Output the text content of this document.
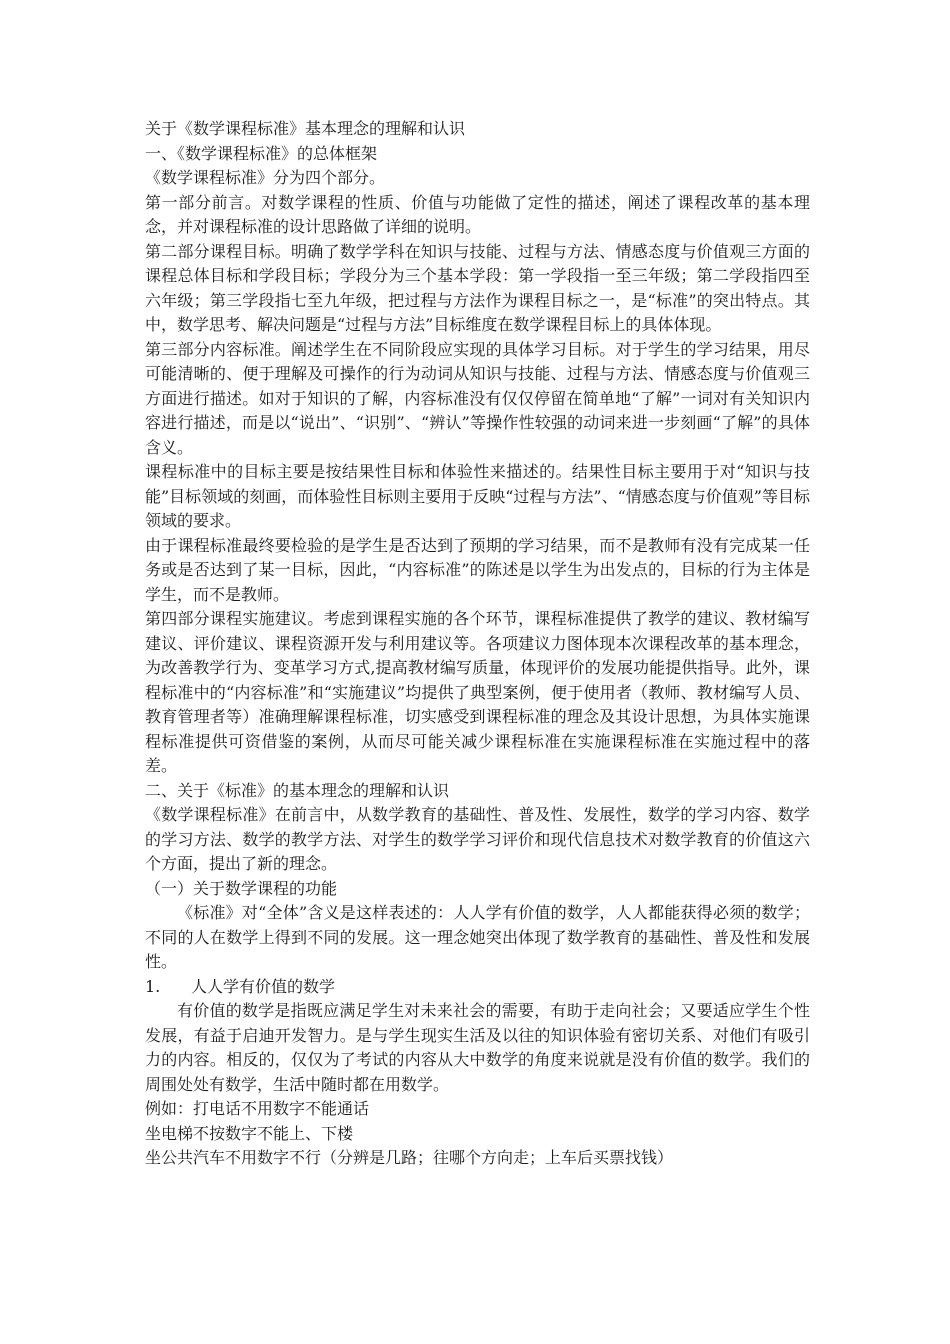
关于《数学课程标准》基本理念的理解和认识

一、《数学课程标准》的总体框架

《数学课程标准》分为四个部分。

第一部分前言。对数学课程的性质、价值与功能做了定性的描述，阐述了课程改革的基本理念，并对课程标准的设计思路做了详细的说明。

第二部分课程目标。明确了数学学科在知识与技能、过程与方法、情感态度与价值观三方面的课程总体目标和学段目标；学段分为三个基本学段：第一学段指一至三年级；第二学段指四至六年级；第三学段指七至九年级，把过程与方法作为课程目标之一，是“标准”的突出特点。其中，数学思考、解决问题是“过程与方法”目标维度在数学课程目标上的具体体现。

第三部分内容标准。阐述学生在不同阶段应实现的具体学习目标。对于学生的学习结果，用尽可能清晰的、便于理解及可操作的行为动词从知识与技能、过程与方法、情感态度与价值观三方面进行描述。如对于知识的了解，内容标准没有仅仅停留在简单地“了解”一词对有关知识内容进行描述，而是以“说出”、“识别”、“辨认”等操作性较强的动词来进一步刻画“了解”的具体含义。

课程标准中的目标主要是按结果性目标和体验性来描述的。结果性目标主要用于对“知识与技能”目标领域的刻画，而体验性目标则主要用于反映“过程与方法”、“情感态度与价值观”等目标领域的要求。

由于课程标准最终要检验的是学生是否达到了预期的学习结果，而不是教师有没有完成某一任务或是否达到了某一目标，因此，“内容标准”的陈述是以学生为出发点的，目标的行为主体是学生，而不是教师。

第四部分课程实施建议。考虑到课程实施的各个环节，课程标准提供了教学的建议、教材编写建议、评价建议、课程资源开发与利用建议等。各项建议力图体现本次课程改革的基本理念，为改善教学行为、变革学习方式,提高教材编写质量，体现评价的发展功能提供指导。此外，课程标准中的“内容标准”和“实施建议”均提供了典型案例，便于使用者（教师、教材编写人员、教育管理者等）准确理解课程标准，切实感受到课程标准的理念及其设计思想，为具体实施课程标准提供可资借鉴的案例，从而尽可能关减少课程标准在实施课程标准在实施过程中的落差。

二、关于《标准》的基本理念的理解和认识

《数学课程标准》在前言中，从数学教育的基础性、普及性、发展性，数学的学习内容、数学的学习方法、数学的教学方法、对学生的数学学习评价和现代信息技术对数学教育的价值这六个方面，提出了新的理念。

（一）关于数学课程的功能

《标准》对“全体”含义是这样表述的：人人学有价值的数学，人人都能获得必须的数学；不同的人在数学上得到不同的发展。这一理念她突出体现了数学教育的基础性、普及性和发展性。

1.	人人学有价值的数学

有价值的数学是指既应满足学生对未来社会的需要，有助于走向社会；又要适应学生个性发展，有益于启迪开发智力。是与学生现实生活及以往的知识体验有密切关系、对他们有吸引力的内容。相反的，仅仅为了考试的内容从大中数学的角度来说就是没有价值的数学。我们的周围处处有数学，生活中随时都在用数学。

例如：打电话不用数字不能通话

坐电梯不按数字不能上、下楼

坐公共汽车不用数字不行（分辨是几路；往哪个方向走；上车后买票找钱）
